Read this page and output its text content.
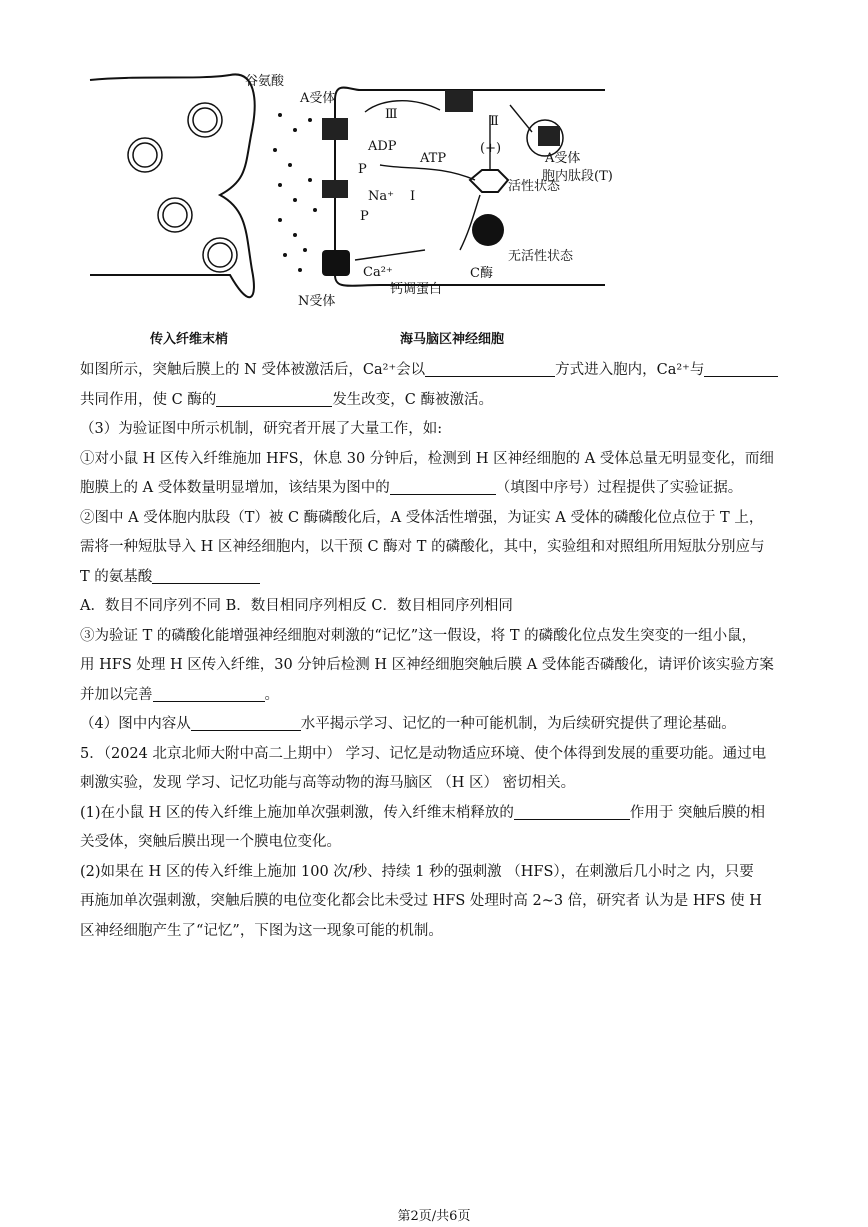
谷氨酸
A受体
Ⅲ	Ⅱ
ADP
ATP
(+)
P
P
Na⁺ Ⅰ
Ca²⁺
活性状态
无活性状态
C酶
钙调蛋白
N受体
A受体
胞内肽段(T)
传入纤维末梢	海马脑区神经细胞
如图所示，突触后膜上的 N 受体被激活后，Ca²⁺会以	方式进入胞内，Ca²⁺与
共同作用，使 C 酶的	发生改变，C 酶被激活。
（3）为验证图中所示机制，研究者开展了大量工作，如:
①对小鼠 H 区传入纤维施加 HFS，休息 30 分钟后，检测到 H 区神经细胞的 A 受体总量无明显变化，而细
胞膜上的 A 受体数量明显增加，该结果为图中的	（填图中序号）过程提供了实验证据。
②图中 A 受体胞内肽段（T）被 C 酶磷酸化后，A 受体活性增强，为证实 A 受体的磷酸化位点位于 T 上，
需将一种短肽导入 H 区神经细胞内，以干预 C 酶对 T 的磷酸化，其中，实验组和对照组所用短肽分别应与
T 的氨基酸
A．数目不同序列不同 B．数目相同序列相反 C．数目相同序列相同
③为验证 T 的磷酸化能增强神经细胞对刺激的“记忆”这一假设，将 T 的磷酸化位点发生突变的一组小鼠，
用 HFS 处理 H 区传入纤维，30 分钟后检测 H 区神经细胞突触后膜 A 受体能否磷酸化，请评价该实验方案
并加以完善	。
（4）图中内容从	水平揭示学习、记忆的一种可能机制，为后续研究提供了理论基础。
5．（2024 北京北师大附中高二上期中） 学习、记忆是动物适应环境、使个体得到发展的重要功能。通过电
刺激实验，发现 学习、记忆功能与高等动物的海马脑区 （H 区） 密切相关。
(1)在小鼠 H 区的传入纤维上施加单次强刺激，传入纤维末梢释放的	作用于 突触后膜的相
关受体，突触后膜出现一个膜电位变化。
(2)如果在 H 区的传入纤维上施加 100 次/秒、持续 1 秒的强刺激 （HFS），在刺激后几小时之 内，只要
再施加单次强刺激，突触后膜的电位变化都会比未受过 HFS 处理时高 2~3 倍，研究者 认为是 HFS 使 H
区神经细胞产生了“记忆”，下图为这一现象可能的机制。
第2页/共6页
